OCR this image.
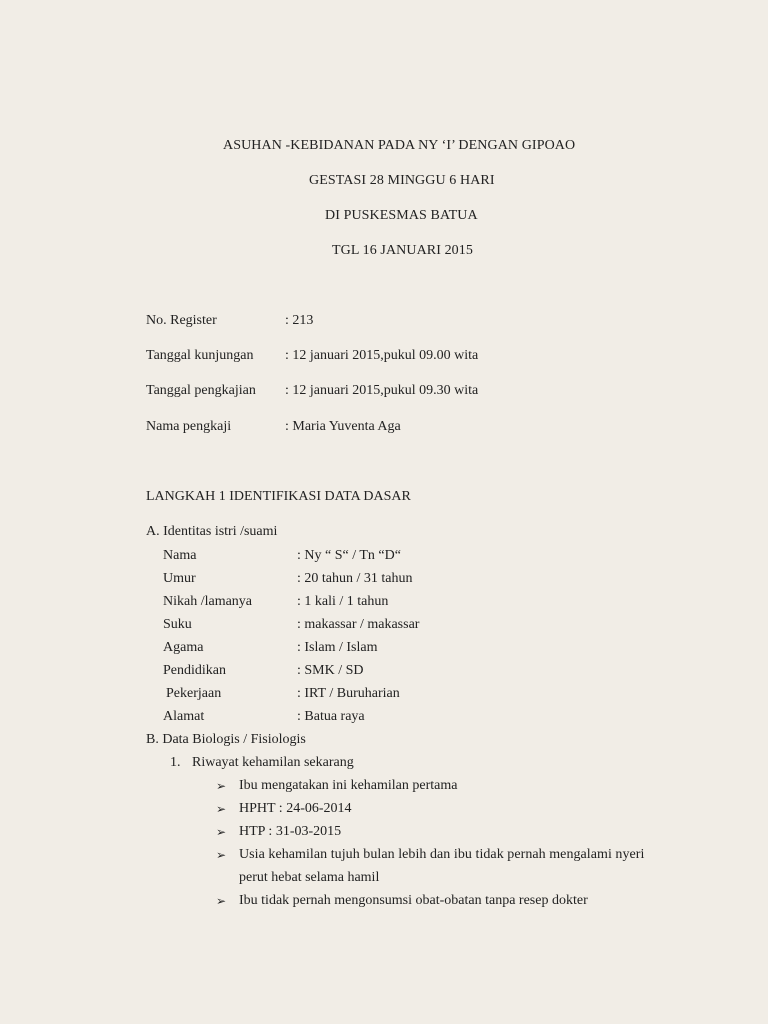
ASUHAN -KEBIDANAN PADA NY ‘I’ DENGAN GIPOAO
GESTASI 28 MINGGU 6 HARI
DI PUSKESMAS BATUA
TGL 16 JANUARI 2015
No. Register	: 213
Tanggal kunjungan : 12 januari 2015,pukul 09.00 wita
Tanggal pengkajian : 12 januari 2015,pukul 09.30 wita
Nama pengkaji	: Maria Yuventa Aga
LANGKAH 1 IDENTIFIKASI DATA DASAR
A. Identitas istri /suami
Nama	: Ny “ S“ / Tn “D“
Umur	: 20 tahun / 31 tahun
Nikah /lamanya	: 1 kali / 1 tahun
Suku	: makassar / makassar
Agama	: Islam / Islam
Pendidikan	: SMK / SD
Pekerjaan	: IRT / Buruharian
Alamat	: Batua raya
B. Data Biologis / Fisiologis
1. Riwayat kehamilan sekarang
➢ Ibu mengatakan ini kehamilan pertama
➢ HPHT : 24-06-2014
➢ HTP : 31-03-2015
➢ Usia kehamilan tujuh bulan lebih dan ibu tidak pernah mengalami nyeri
perut hebat selama hamil
➢ Ibu tidak pernah mengonsumsi obat-obatan tanpa resep dokter
